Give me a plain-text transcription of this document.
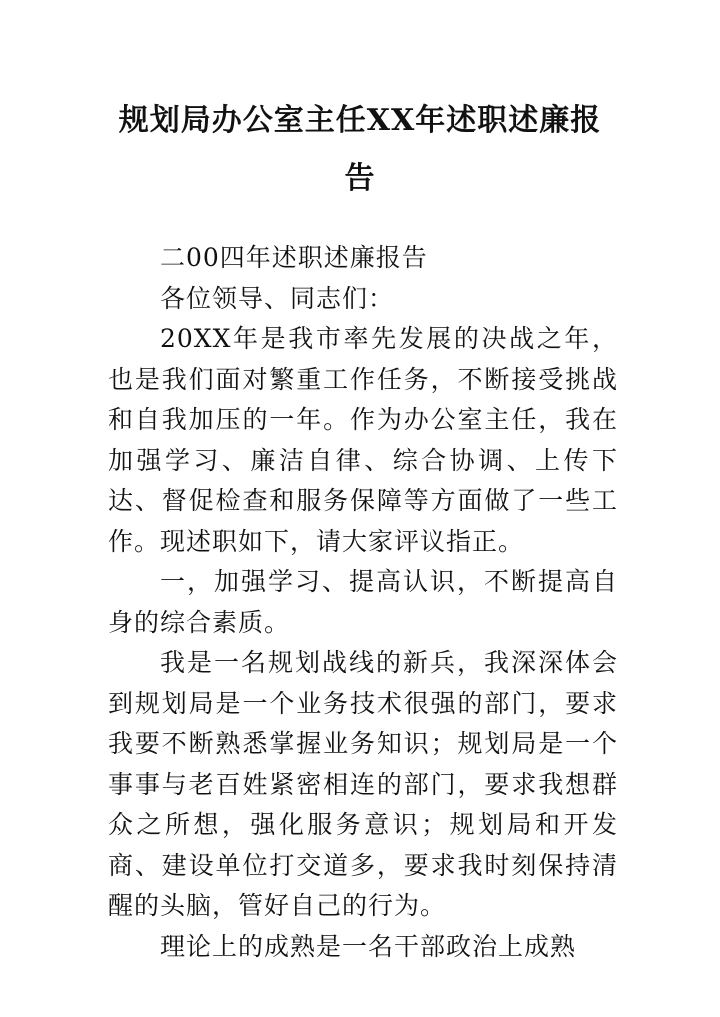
规划局办公室主任XX年述职述廉报告

二00四年述职述廉报告

各位领导、同志们：

20XX年是我市率先发展的决战之年，也是我们面对繁重工作任务，不断接受挑战和自我加压的一年。作为办公室主任，我在加强学习、廉洁自律、综合协调、上传下达、督促检查和服务保障等方面做了一些工作。现述职如下，请大家评议指正。

一，加强学习、提高认识，不断提高自身的综合素质。

我是一名规划战线的新兵，我深深体会到规划局是一个业务技术很强的部门，要求我要不断熟悉掌握业务知识；规划局是一个事事与老百姓紧密相连的部门，要求我想群众之所想，强化服务意识；规划局和开发商、建设单位打交道多，要求我时刻保持清醒的头脑，管好自己的行为。

理论上的成熟是一名干部政治上成熟
